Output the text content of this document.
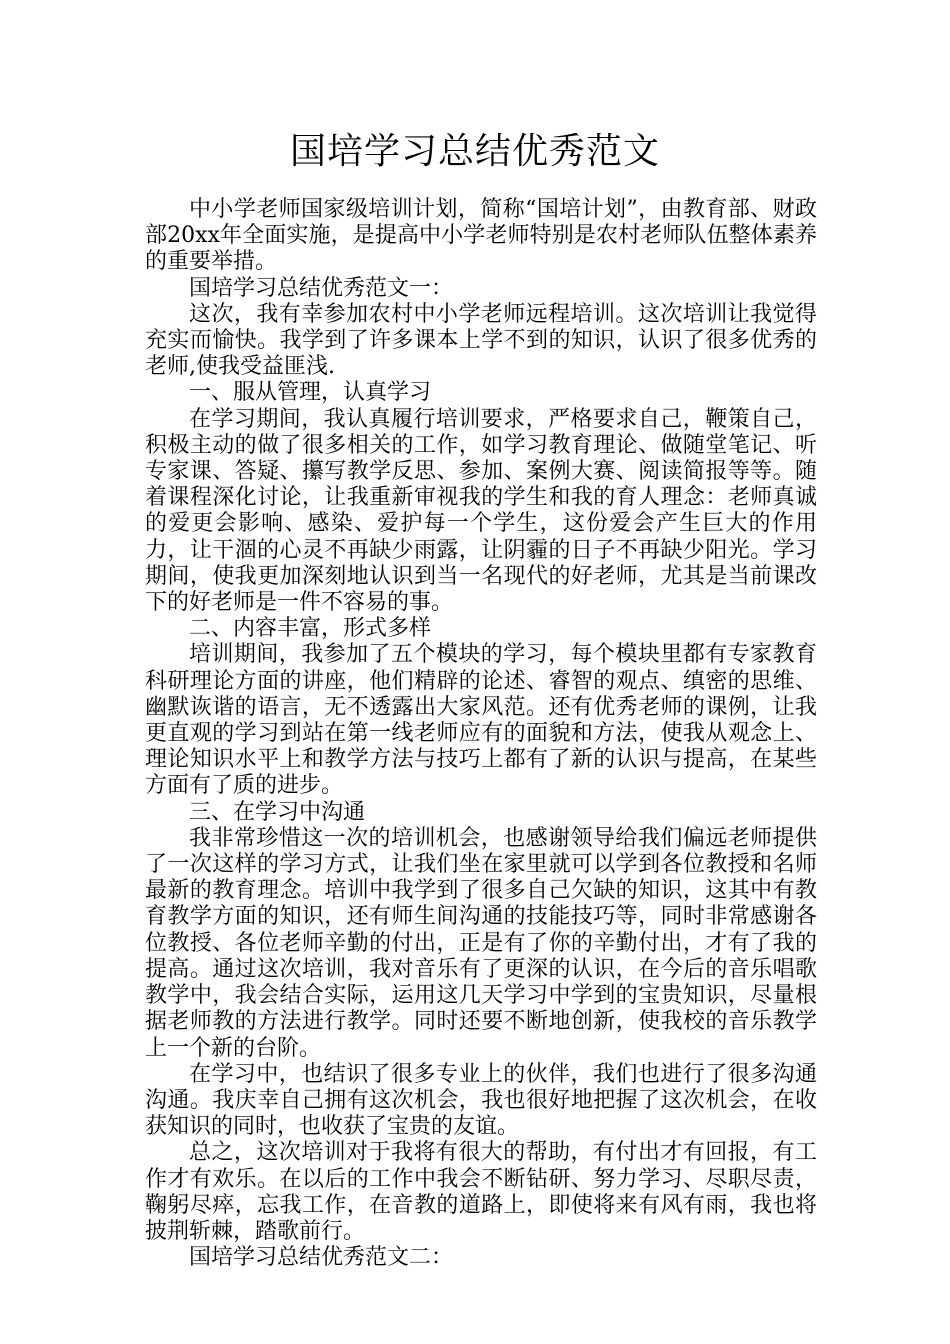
国培学习总结优秀范文

中小学老师国家级培训计划，简称“国培计划”，由教育部、财政部20xx年全面实施，是提高中小学老师特别是农村老师队伍整体素养的重要举措。

国培学习总结优秀范文一：

这次，我有幸参加农村中小学老师远程培训。这次培训让我觉得充实而愉快。我学到了许多课本上学不到的知识，认识了很多优秀的老师,使我受益匪浅.

一、服从管理，认真学习

在学习期间，我认真履行培训要求，严格要求自己，鞭策自己，积极主动的做了很多相关的工作，如学习教育理论、做随堂笔记、听专家课、答疑、攥写教学反思、参加、案例大赛、阅读简报等等。随着课程深化讨论，让我重新审视我的学生和我的育人理念：老师真诚的爱更会影响、感染、爱护每一个学生，这份爱会产生巨大的作用力，让干涸的心灵不再缺少雨露，让阴霾的日子不再缺少阳光。学习期间，使我更加深刻地认识到当一名现代的好老师，尤其是当前课改下的好老师是一件不容易的事。

二、内容丰富，形式多样

培训期间，我参加了五个模块的学习，每个模块里都有专家教育科研理论方面的讲座，他们精辟的论述、睿智的观点、缜密的思维、幽默诙谐的语言，无不透露出大家风范。还有优秀老师的课例，让我更直观的学习到站在第一线老师应有的面貌和方法，使我从观念上、理论知识水平上和教学方法与技巧上都有了新的认识与提高，在某些方面有了质的进步。

三、在学习中沟通

我非常珍惜这一次的培训机会，也感谢领导给我们偏远老师提供了一次这样的学习方式，让我们坐在家里就可以学到各位教授和名师最新的教育理念。培训中我学到了很多自己欠缺的知识，这其中有教育教学方面的知识，还有师生间沟通的技能技巧等，同时非常感谢各位教授、各位老师辛勤的付出，正是有了你的辛勤付出，才有了我的提高。通过这次培训，我对音乐有了更深的认识，在今后的音乐唱歌教学中，我会结合实际，运用这几天学习中学到的宝贵知识，尽量根据老师教的方法进行教学。同时还要不断地创新，使我校的音乐教学上一个新的台阶。

在学习中，也结识了很多专业上的伙伴，我们也进行了很多沟通沟通。我庆幸自己拥有这次机会，我也很好地把握了这次机会，在收获知识的同时，也收获了宝贵的友谊。

总之，这次培训对于我将有很大的帮助，有付出才有回报，有工作才有欢乐。在以后的工作中我会不断钻研、努力学习、尽职尽责，鞠躬尽瘁，忘我工作，在音教的道路上，即使将来有风有雨，我也将披荆斩棘，踏歌前行。

国培学习总结优秀范文二：
